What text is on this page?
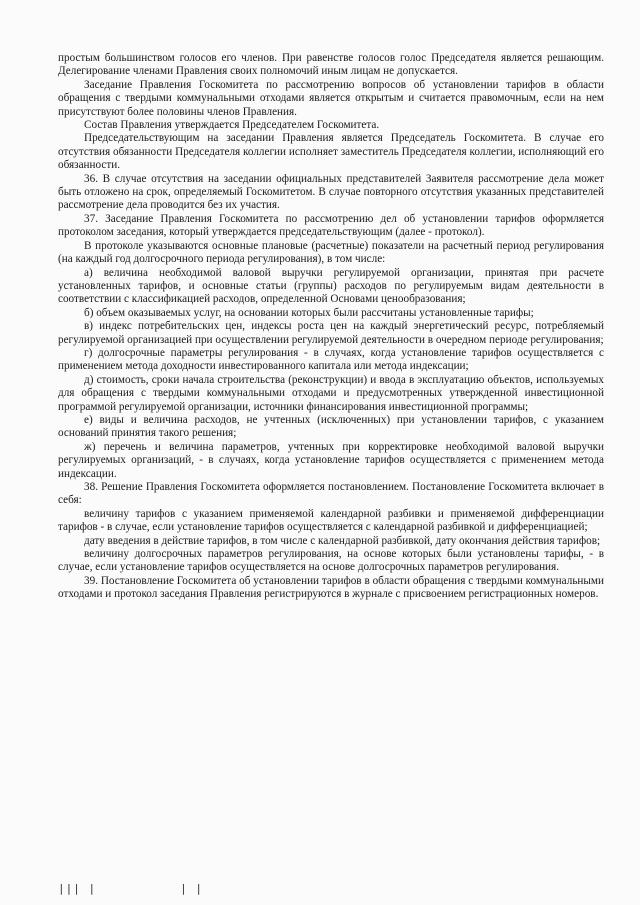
простым большинством голосов его членов. При равенстве голосов голос Председателя является решающим. Делегирование членами Правления своих полномочий иным лицам не допускается.

Заседание Правления Госкомитета по рассмотрению вопросов об установлении тарифов в области обращения с твердыми коммунальными отходами является открытым и считается правомочным, если на нем присутствуют более половины членов Правления.

Состав Правления утверждается Председателем Госкомитета.

Председательствующим на заседании Правления является Председатель Госкомитета. В случае его отсутствия обязанности Председателя коллегии исполняет заместитель Председателя коллегии, исполняющий его обязанности.

36. В случае отсутствия на заседании официальных представителей Заявителя рассмотрение дела может быть отложено на срок, определяемый Госкомитетом. В случае повторного отсутствия указанных представителей рассмотрение дела проводится без их участия.

37. Заседание Правления Госкомитета по рассмотрению дел об установлении тарифов оформляется протоколом заседания, который утверждается председательствующим (далее - протокол).

В протоколе указываются основные плановые (расчетные) показатели на расчетный период регулирования (на каждый год долгосрочного периода регулирования), в том числе:

а) величина необходимой валовой выручки регулируемой организации, принятая при расчете установленных тарифов, и основные статьи (группы) расходов по регулируемым видам деятельности в соответствии с классификацией расходов, определенной Основами ценообразования;

б) объем оказываемых услуг, на основании которых были рассчитаны установленные тарифы;

в) индекс потребительских цен, индексы роста цен на каждый энергетический ресурс, потребляемый регулируемой организацией при осуществлении регулируемой деятельности в очередном периоде регулирования;

г) долгосрочные параметры регулирования - в случаях, когда установление тарифов осуществляется с применением метода доходности инвестированного капитала или метода индексации;

д) стоимость, сроки начала строительства (реконструкции) и ввода в эксплуатацию объектов, используемых для обращения с твердыми коммунальными отходами и предусмотренных утвержденной инвестиционной программой регулируемой организации, источники финансирования инвестиционной программы;

е) виды и величина расходов, не учтенных (исключенных) при установлении тарифов, с указанием оснований принятия такого решения;

ж) перечень и величина параметров, учтенных при корректировке необходимой валовой выручки регулируемых организаций, - в случаях, когда установление тарифов осуществляется с применением метода индексации.

38. Решение Правления Госкомитета оформляется постановлением. Постановление Госкомитета включает в себя:

величину тарифов с указанием применяемой календарной разбивки и применяемой дифференциации тарифов - в случае, если установление тарифов осуществляется с календарной разбивкой и дифференциацией;

дату введения в действие тарифов, в том числе с календарной разбивкой, дату окончания действия тарифов;

величину долгосрочных параметров регулирования, на основе которых были установлены тарифы, - в случае, если установление тарифов осуществляется на основе долгосрочных параметров регулирования.

39. Постановление Госкомитета об установлении тарифов в области обращения с твердыми коммунальными отходами и протокол заседания Правления регистрируются в журнале с присвоением регистрационных номеров.

||| |	| |
